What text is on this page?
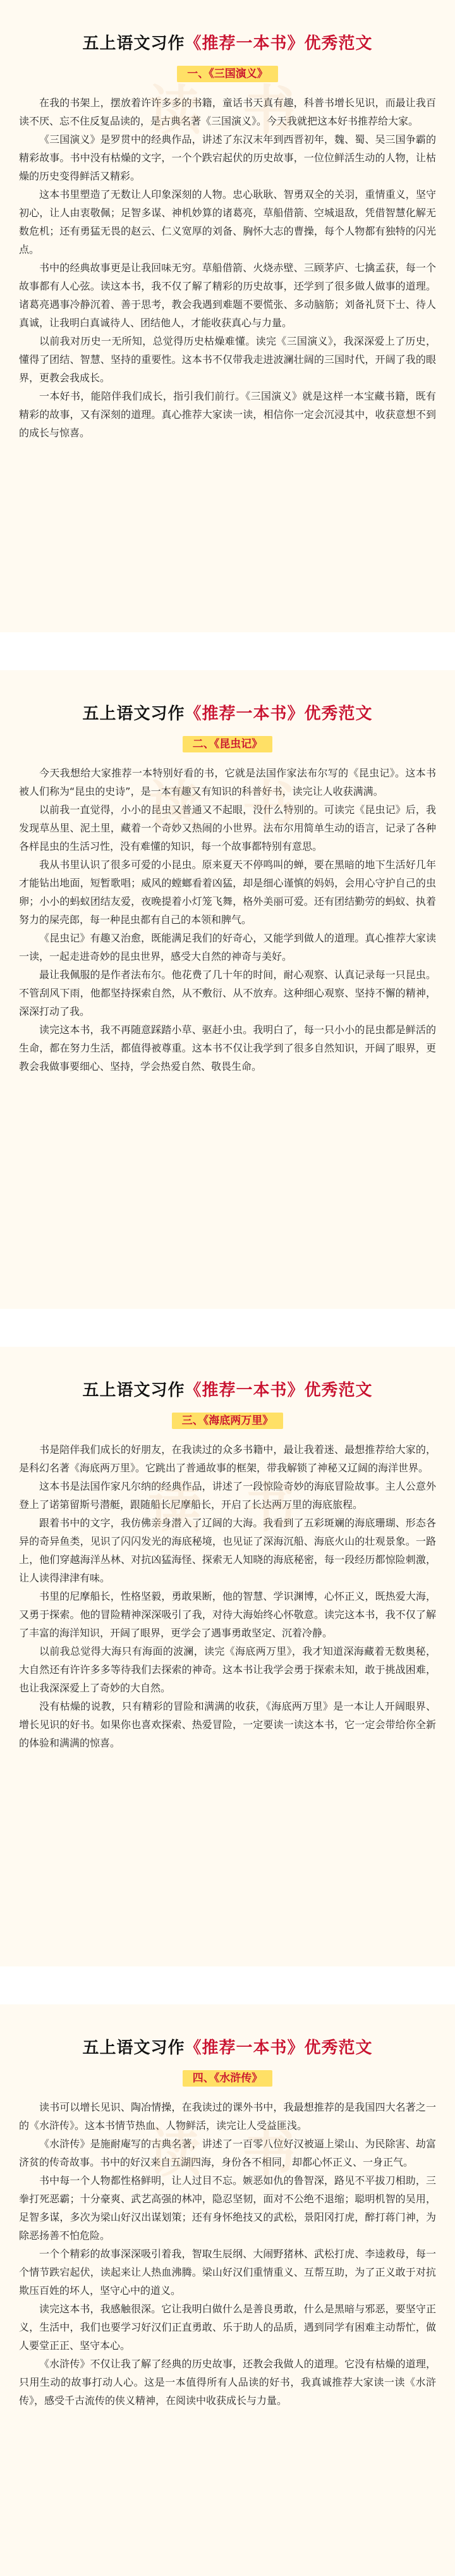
读 书
五上语文习作《推荐一本书》优秀范文
一、《三国演义》

在我的书架上，摆放着许许多多的书籍，童话书天真有趣，科普书增长见识，而最让我百读不厌、忘不住反复品读的，是古典名著《三国演义》。今天我就把这本好书推荐给大家。

《三国演义》是罗贯中的经典作品，讲述了东汉末年到西晋初年，魏、蜀、吴三国争霸的精彩故事。书中没有枯燥的文字，一个个跌宕起伏的历史故事，一位位鲜活生动的人物，让枯燥的历史变得鲜活又精彩。

这本书里塑造了无数让人印象深刻的人物。忠心耿耿、智勇双全的关羽，重情重义，坚守初心，让人由衷敬佩；足智多谋、神机妙算的诸葛亮，草船借箭、空城退敌，凭借智慧化解无数危机；还有勇猛无畏的赵云、仁义宽厚的刘备、胸怀大志的曹操，每个人物都有独特的闪光点。

书中的经典故事更是让我回味无穷。草船借箭、火烧赤壁、三顾茅庐、七擒孟获，每一个故事都有人心弦。读这本书，我不仅了解了精彩的历史故事，还学到了很多做人做事的道理。诸葛亮遇事冷静沉着、善于思考，教会我遇到难题不要慌张、多动脑筋；刘备礼贤下士、待人真诚，让我明白真诚待人、团结他人，才能收获真心与力量。

以前我对历史一无所知，总觉得历史枯燥难懂。读完《三国演义》，我深深爱上了历史，懂得了团结、智慧、坚持的重要性。这本书不仅带我走进波澜壮阔的三国时代，开阔了我的眼界，更教会我成长。

一本好书，能陪伴我们成长，指引我们前行。《三国演义》就是这样一本宝藏书籍，既有精彩的故事，又有深刻的道理。真心推荐大家读一读，相信你一定会沉浸其中，收获意想不到的成长与惊喜。

读 书
五上语文习作《推荐一本书》优秀范文
二、《昆虫记》

今天我想给大家推荐一本特别好看的书，它就是法国作家法布尔写的《昆虫记》。这本书被人们称为“昆虫的史诗”，是一本有趣又有知识的科普好书，读完让人收获满满。

以前我一直觉得，小小的昆虫又普通又不起眼，没什么特别的。可读完《昆虫记》后，我发现草丛里、泥土里，藏着一个奇妙又热闹的小世界。法布尔用简单生动的语言，记录了各种各样昆虫的生活习性，没有难懂的知识，每一个故事都特别有意思。

我从书里认识了很多可爱的小昆虫。原来夏天不停鸣叫的蝉，要在黑暗的地下生活好几年才能钻出地面，短暂歌唱；威风的螳螂看着凶猛，却是细心谨慎的妈妈，会用心守护自己的虫卵；小小的蚂蚁团结友爱，夜晚提着小灯笼飞舞，格外美丽可爱。还有团结勤劳的蚂蚁、执着努力的屎壳郎，每一种昆虫都有自己的本领和脾气。

《昆虫记》有趣又治愈，既能满足我们的好奇心，又能学到做人的道理。真心推荐大家读一读，一起走进奇妙的昆虫世界，感受大自然的神奇与美好。

最让我佩服的是作者法布尔。他花费了几十年的时间，耐心观察、认真记录每一只昆虫。不管刮风下雨，他都坚持探索自然，从不敷衍、从不放弃。这种细心观察、坚持不懈的精神，深深打动了我。

读完这本书，我不再随意踩踏小草、驱赶小虫。我明白了，每一只小小的昆虫都是鲜活的生命，都在努力生活，都值得被尊重。这本书不仅让我学到了很多自然知识，开阔了眼界，更教会我做事要细心、坚持，学会热爱自然、敬畏生命。

读 书
五上语文习作《推荐一本书》优秀范文
三、《海底两万里》

书是陪伴我们成长的好朋友，在我读过的众多书籍中，最让我着迷、最想推荐给大家的，是科幻名著《海底两万里》。它跳出了普通故事的框架，带我解锁了神秘又辽阔的海洋世界。

这本书是法国作家凡尔纳的经典作品，讲述了一段惊险奇妙的海底冒险故事。主人公意外登上了诺第留斯号潜艇，跟随船长尼摩船长，开启了长达两万里的海底旅程。

跟着书中的文字，我仿佛亲身潜入了辽阔的大海。我看到了五彩斑斓的海底珊瑚、形态各异的奇异鱼类，见识了闪闪发光的海底秘境，也见证了深海沉船、海底火山的壮观景象。一路上，他们穿越海洋丛林、对抗凶猛海怪、探索无人知晓的海底秘密，每一段经历都惊险刺激，让人读得津津有味。

书里的尼摩船长，性格坚毅，勇敢果断，他的智慧、学识渊博，心怀正义，既热爱大海，又勇于探索。他的冒险精神深深吸引了我，对待大海始终心怀敬意。读完这本书，我不仅了解了丰富的海洋知识，开阔了眼界，更学会了遇事勇敢坚定、沉着冷静。

以前我总觉得大海只有海面的波澜，读完《海底两万里》，我才知道深海藏着无数奥秘，大自然还有许许多多等待我们去探索的神奇。这本书让我学会勇于探索未知，敢于挑战困难，也让我深深爱上了奇妙的大自然。

没有枯燥的说教，只有精彩的冒险和满满的收获，《海底两万里》是一本让人开阔眼界、增长见识的好书。如果你也喜欢探索、热爱冒险，一定要读一读这本书，它一定会带给你全新的体验和满满的惊喜。

读 书
五上语文习作《推荐一本书》优秀范文
四、《水浒传》

读书可以增长见识、陶冶情操，在我读过的课外书中，我最想推荐的是我国四大名著之一的《水浒传》。这本书情节热血、人物鲜活，读完让人受益匪浅。

《水浒传》是施耐庵写的古典名著，讲述了一百零八位好汉被逼上梁山、为民除害、劫富济贫的传奇故事。书中的好汉来自五湖四海，身份各不相同，却都心怀正义、一身正气。

书中每一个人物都性格鲜明，让人过目不忘。嫉恶如仇的鲁智深，路见不平拔刀相助，三拳打死恶霸；十分豪爽、武艺高强的林冲，隐忍坚韧，面对不公绝不退缩；聪明机智的吴用，足智多谋，多次为梁山好汉出谋划策；还有身怀绝技又的武松，景阳冈打虎，醉打蒋门神，为除恶扬善不怕危险。

一个个精彩的故事深深吸引着我，智取生辰纲、大闹野猪林、武松打虎、李逵救母，每一个情节跌宕起伏，读起来让人热血沸腾。梁山好汉们重情重义、互帮互助，为了正义敢于对抗欺压百姓的坏人，坚守心中的道义。

读完这本书，我感触很深。它让我明白做什么是善良勇敢，什么是黑暗与邪恶，要坚守正义，生活中，我们也要学习好汉们正直勇敢、乐于助人的品质，遇到同学有困难主动帮忙，做人要堂正正、坚守本心。

《水浒传》不仅让我了解了经典的历史故事，还教会我做人的道理。它没有枯燥的道理，只用生动的故事打动人心。这是一本值得所有人品读的好书，我真诚推荐大家读一读《水浒传》，感受千古流传的侠义精神，在阅读中收获成长与力量。
